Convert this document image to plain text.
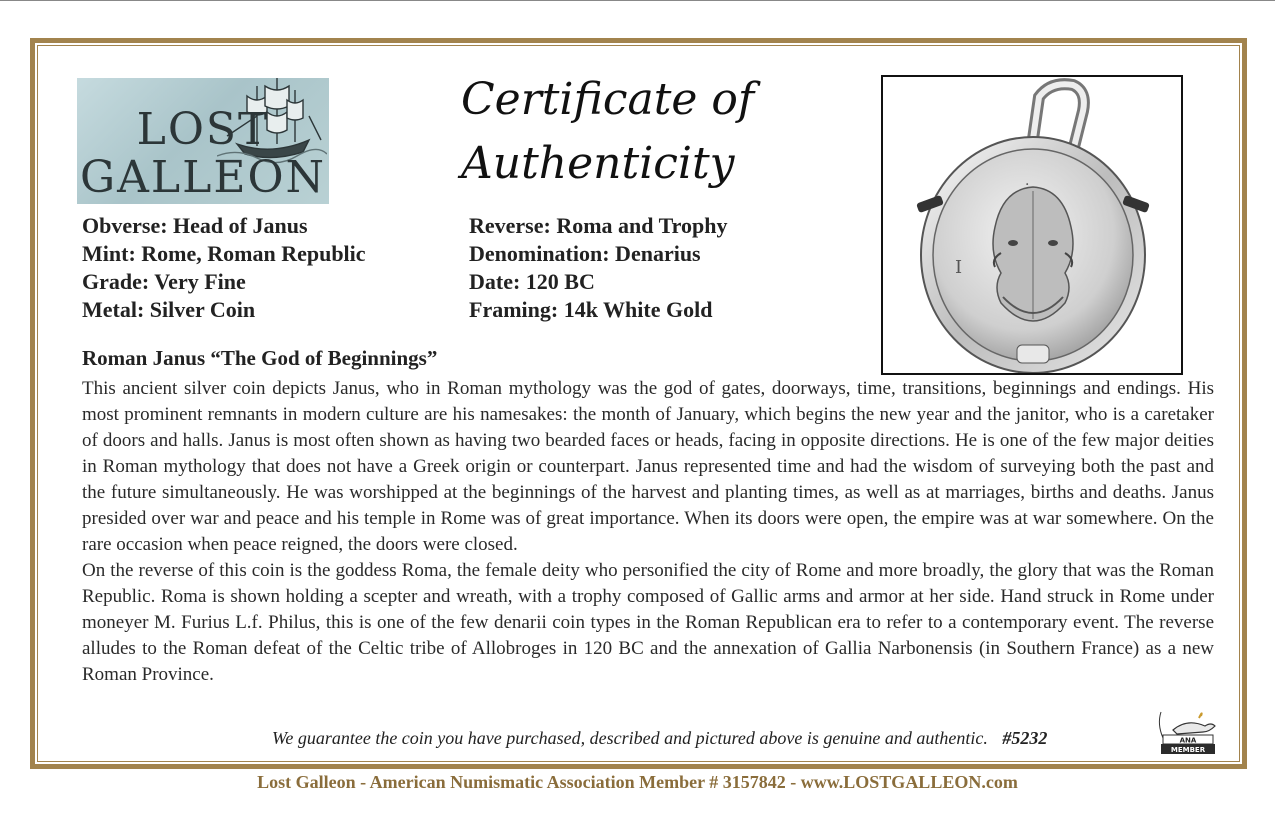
LOST
GALLEON
Certificate of
Authenticity
Obverse: Head of Janus
Mint: Rome, Roman Republic
Grade: Very Fine
Metal: Silver Coin
Reverse: Roma and Trophy
Denomination: Denarius
Date: 120 BC
Framing: 14k White Gold
I
·
Roman Janus “The God of Beginnings”

This ancient silver coin depicts Janus, who in Roman mythology was the god of gates, doorways, time, transitions, beginnings and endings. His most prominent remnants in modern culture are his namesakes: the month of January, which begins the new year and the janitor, who is a caretaker of doors and halls. Janus is most often shown as having two bearded faces or heads, facing in opposite directions. He is one of the few major deities in Roman mythology that does not have a Greek origin or counterpart. Janus represented time and had the wisdom of surveying both the past and the future simultaneously. He was worshipped at the beginnings of the harvest and planting times, as well as at marriages, births and deaths. Janus presided over war and peace and his temple in Rome was of great importance. When its doors were open, the empire was at war somewhere. On the rare occasion when peace reigned, the doors were closed.

On the reverse of this coin is the goddess Roma, the female deity who personified the city of Rome and more broadly, the glory that was the Roman Republic. Roma is shown holding a scepter and wreath, with a trophy composed of Gallic arms and armor at her side. Hand struck in Rome under moneyer M. Furius L.f. Philus, this is one of the few denarii coin types in the Roman Republican era to refer to a contemporary event. The reverse alludes to the Roman defeat of the Celtic tribe of Allobroges in 120 BC and the annexation of Gallia Narbonensis (in Southern France) as a new Roman Province.

We guarantee the coin you have purchased, described and pictured above is genuine and authentic. #5232	ANA
MEMBER
Lost Galleon - American Numismatic Association Member # 3157842 - www.LOSTGALLEON.com
